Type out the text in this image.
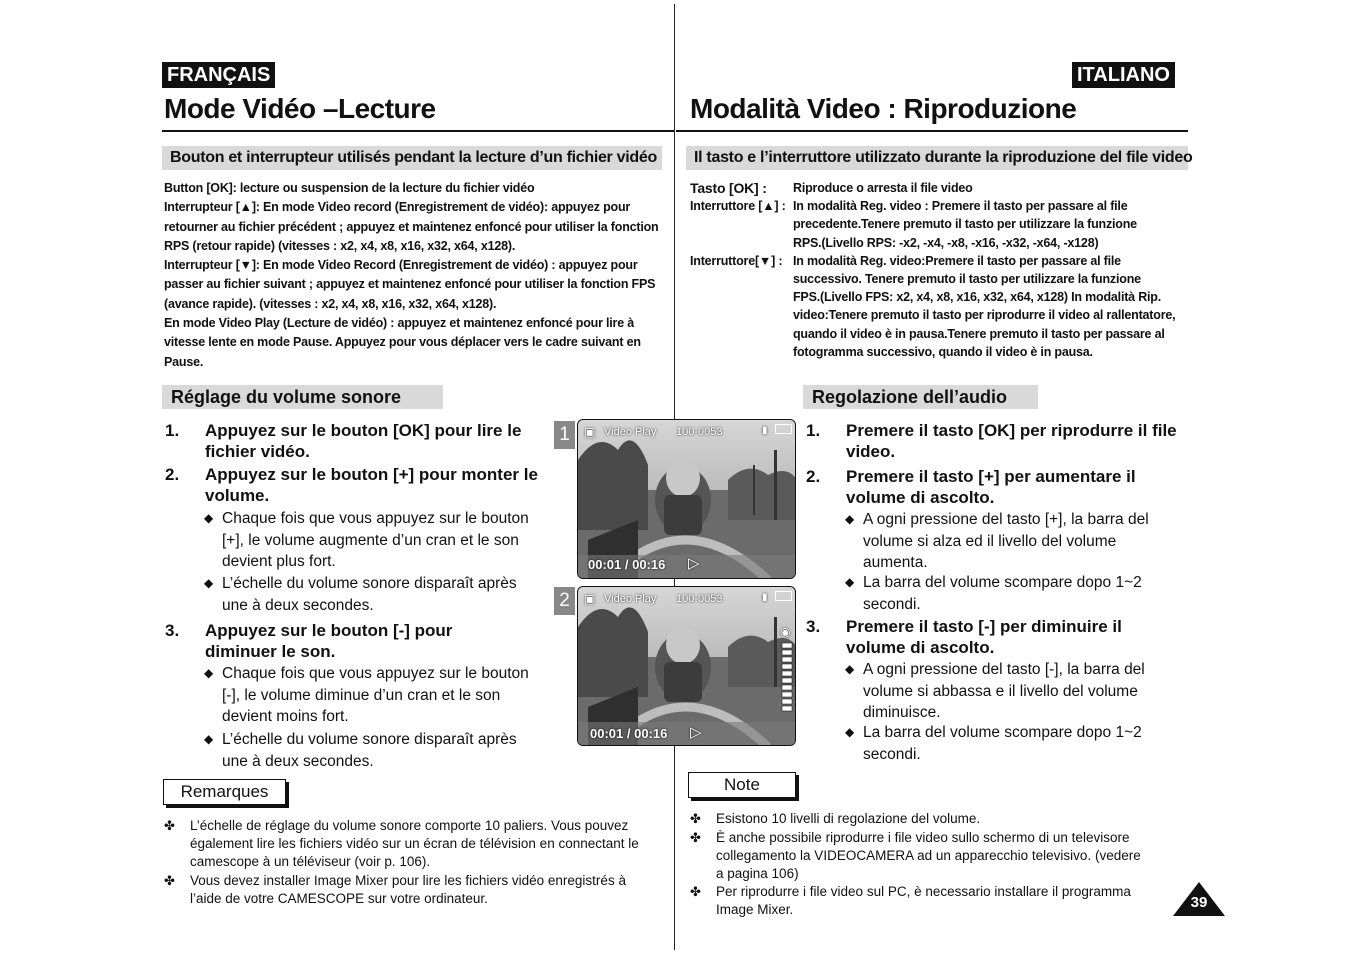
FRANÇAIS	ITALIANO
Mode Vidéo –Lecture	Modalità Video : Riproduzione
Bouton et interrupteur utilisés pendant la lecture d’un fichier vidéo	Il tasto e l’interruttore utilizzato durante la riproduzione del file video

Button [OK]: lecture ou suspension de la lecture du fichier vidéo

Interrupteur [▲]: En mode Video record (Enregistrement de vidéo): appuyez pour

retourner au fichier précédent ; appuyez et maintenez enfoncé pour utiliser la fonction

RPS (retour rapide) (vitesses : x2, x4, x8, x16, x32, x64, x128).

Interrupteur [▼]: En mode Video Record (Enregistrement de vidéo) : appuyez pour

passer au fichier suivant ; appuyez et maintenez enfoncé pour utiliser la fonction FPS

(avance rapide). (vitesses : x2, x4, x8, x16, x32, x64, x128).

En mode Video Play (Lecture de vidéo) : appuyez et maintenez enfoncé pour lire à

vitesse lente en mode Pause. Appuyez pour vous déplacer vers le cadre suivant en

Pause.

Tasto [OK] :	Riproduce o arresta il file video

Interruttore [▲] : In modalità Reg. video : Premere il tasto per passare al file

precedente.Tenere premuto il tasto per utilizzare la funzione

RPS.(Livello RPS: -x2, -x4, -x8, -x16, -x32, -x64, -x128)

Interruttore[▼] : In modalità Reg. video:Premere il tasto per passare al file

successivo. Tenere premuto il tasto per utilizzare la funzione

FPS.(Livello FPS: x2, x4, x8, x16, x32, x64, x128) In modalità Rip.

video:Tenere premuto il tasto per riprodurre il video al rallentatore,

quando il video è in pausa.Tenere premuto il tasto per passare al

fotogramma successivo, quando il video è in pausa.

Réglage du volume sonore	Regolazione dell’audio
1. Appuyez sur le bouton [OK] pour lire le fichier vidéo.
2. Appuyez sur le bouton [+] pour monter le volume.
◆ Chaque fois que vous appuyez sur le bouton [+], le volume augmente d’un cran et le son devient plus fort.
◆ L’échelle du volume sonore disparaît après une à deux secondes.
3. Appuyez sur le bouton [-] pour diminuer le son.
◆ Chaque fois que vous appuyez sur le bouton [-], le volume diminue d’un cran et le son devient moins fort.
◆ L’échelle du volume sonore disparaît après une à deux secondes.
1. Premere il tasto [OK] per riprodurre il file video.
2. Premere il tasto [+] per aumentare il volume di ascolto.
◆ A ogni pressione del tasto [+], la barra del volume si alza ed il livello del volume aumenta.
◆ La barra del volume scompare dopo 1~2 secondi.
3. Premere il tasto [-] per diminuire il volume di ascolto.
◆ A ogni pressione del tasto [-], la barra del volume si abbassa e il livello del volume diminuisce.
◆ La barra del volume scompare dopo 1~2 secondi.
1	▣ Video Play 100-0053	▮
00:01 / 00:16 ▷
2	▣ Video Play 100-0053	▮
◉
00:01 / 00:16 ▷
Remarques	Note
✤ L’échelle de réglage du volume sonore comporte 10 paliers. Vous pouvez également lire les fichiers vidéo sur un écran de télévision en connectant le camescope à un téléviseur (voir p. 106).
✤ Vous devez installer Image Mixer pour lire les fichiers vidéo enregistrés à l’aide de votre CAMESCOPE sur votre ordinateur.
✤ Esistono 10 livelli di regolazione del volume.
✤ È anche possibile riprodurre i file video sullo schermo di un televisore collegamento la VIDEOCAMERA ad un apparecchio televisivo. (vedere a pagina 106)
✤ Per riprodurre i file video sul PC, è necessario installare il programma Image Mixer.	39
